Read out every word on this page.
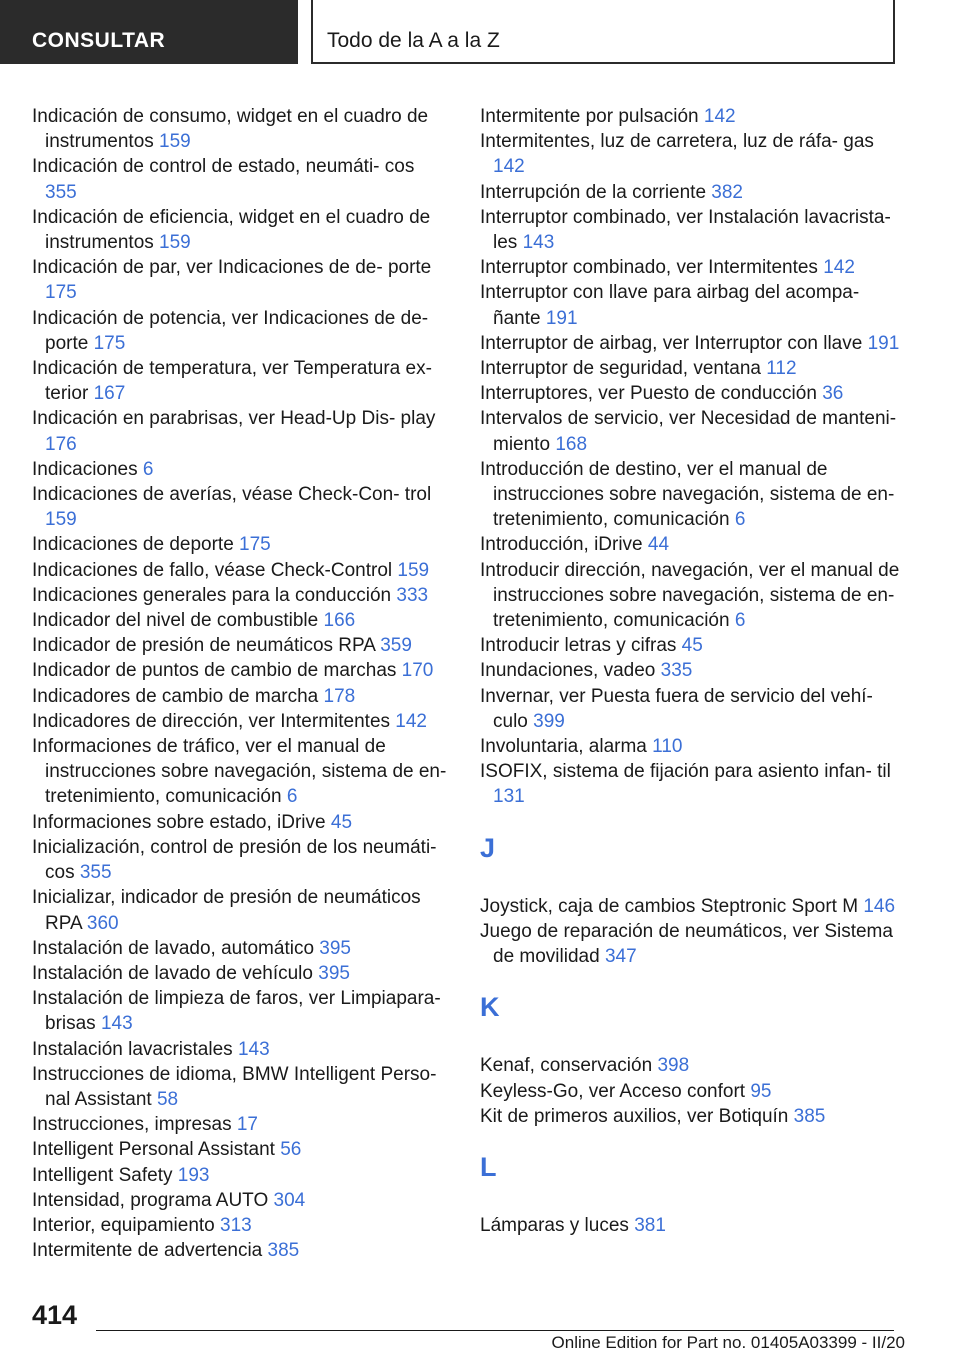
CONSULTAR	Todo de la A a la Z
Indicación de consumo, widget en el cuadro de instrumentos 159
Indicación de control de estado, neumáti‐ cos 355
Indicación de eficiencia, widget en el cuadro de instrumentos 159
Indicación de par, ver Indicaciones de de‐ porte 175
Indicación de potencia, ver Indicaciones de de‐ porte 175
Indicación de temperatura, ver Temperatura ex‐ terior 167
Indicación en parabrisas, ver Head-Up Dis‐ play 176
Indicaciones 6
Indicaciones de averías, véase Check-Con‐ trol 159
Indicaciones de deporte 175
Indicaciones de fallo, véase Check-Control 159
Indicaciones generales para la conducción 333
Indicador del nivel de combustible 166
Indicador de presión de neumáticos RPA 359
Indicador de puntos de cambio de marchas 170
Indicadores de cambio de marcha 178
Indicadores de dirección, ver Intermitentes 142
Informaciones de tráfico, ver el manual de instrucciones sobre navegación, sistema de en‐ tretenimiento, comunicación 6
Informaciones sobre estado, iDrive 45
Inicialización, control de presión de los neumáti‐ cos 355
Inicializar, indicador de presión de neumáticos RPA 360
Instalación de lavado, automático 395
Instalación de lavado de vehículo 395
Instalación de limpieza de faros, ver Limpiapara‐ brisas 143
Instalación lavacristales 143
Instrucciones de idioma, BMW Intelligent Perso‐ nal Assistant 58
Instrucciones, impresas 17
Intelligent Personal Assistant 56
Intelligent Safety 193
Intensidad, programa AUTO 304
Interior, equipamiento 313
Intermitente de advertencia 385
Intermitente por pulsación 142
Intermitentes, luz de carretera, luz de ráfa‐ gas 142
Interrupción de la corriente 382
Interruptor combinado, ver Instalación lavacrista‐ les 143
Interruptor combinado, ver Intermitentes 142
Interruptor con llave para airbag del acompa‐ ñante 191
Interruptor de airbag, ver Interruptor con llave 191
Interruptor de seguridad, ventana 112
Interruptores, ver Puesto de conducción 36
Intervalos de servicio, ver Necesidad de manteni‐ miento 168
Introducción de destino, ver el manual de instrucciones sobre navegación, sistema de en‐ tretenimiento, comunicación 6
Introducción, iDrive 44
Introducir dirección, navegación, ver el manual de instrucciones sobre navegación, sistema de en‐ tretenimiento, comunicación 6
Introducir letras y cifras 45
Inundaciones, vadeo 335
Invernar, ver Puesta fuera de servicio del vehí‐ culo 399
Involuntaria, alarma 110
ISOFIX, sistema de fijación para asiento infan‐ til 131
J
Joystick, caja de cambios Steptronic Sport M 146
Juego de reparación de neumáticos, ver Sistema de movilidad 347
K
Kenaf, conservación 398
Keyless-Go, ver Acceso confort 95
Kit de primeros auxilios, ver Botiquín 385
L
Lámparas y luces 381
414
Online Edition for Part no. 01405A03399 - II/20
